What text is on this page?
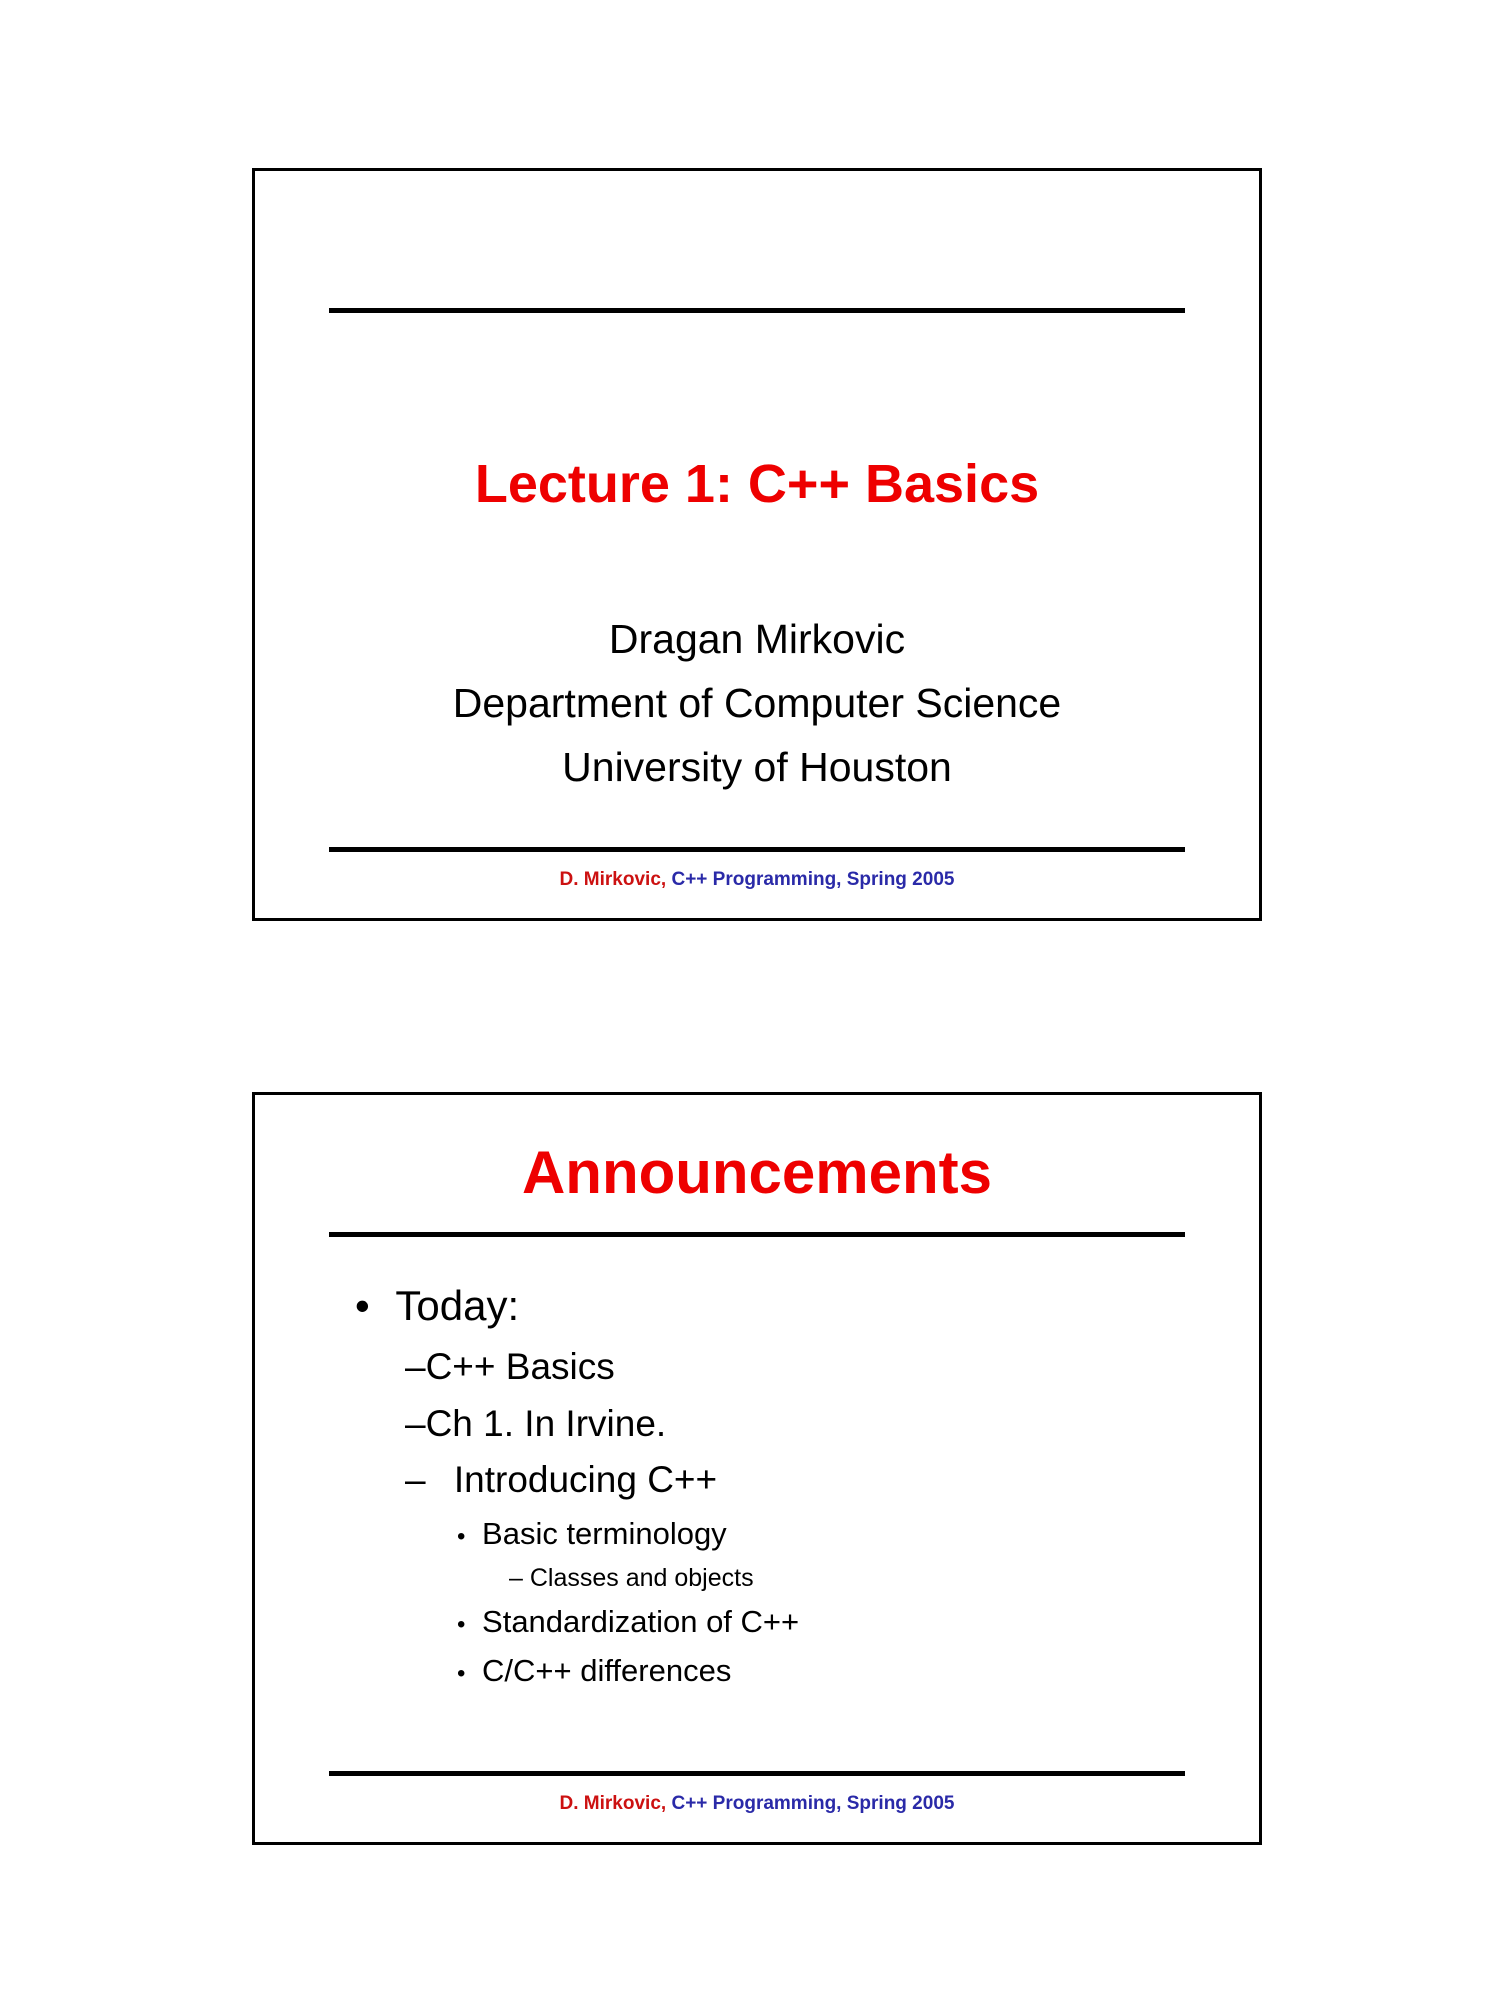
Lecture 1: C++ Basics
Dragan Mirkovic
Department of Computer Science
University of Houston
D. Mirkovic, C++ Programming, Spring 2005
Announcements
• Today:
–C++ Basics
–Ch 1. In Irvine.
– Introducing C++
• Basic terminology
– Classes and objects
• Standardization of C++
• C/C++ differences
D. Mirkovic, C++ Programming, Spring 2005
